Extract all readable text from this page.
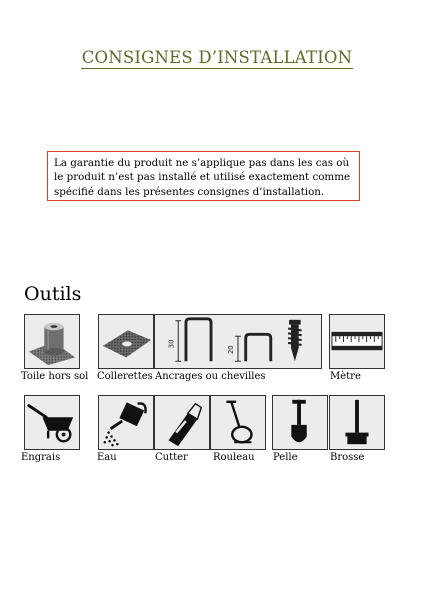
CONSIGNES D’INSTALLATION
La garantie du produit ne s’applique pas dans les cas où
le produit n’est pas installé et utilisé exactement comme
spécifié dans les présentes consignes d’installation.
Outils
30
20
Toile hors sol Collerettes Ancrages ou chevilles	Mètre
Engrais	Eau	Cutter	Rouleau Pelle	Brosse
